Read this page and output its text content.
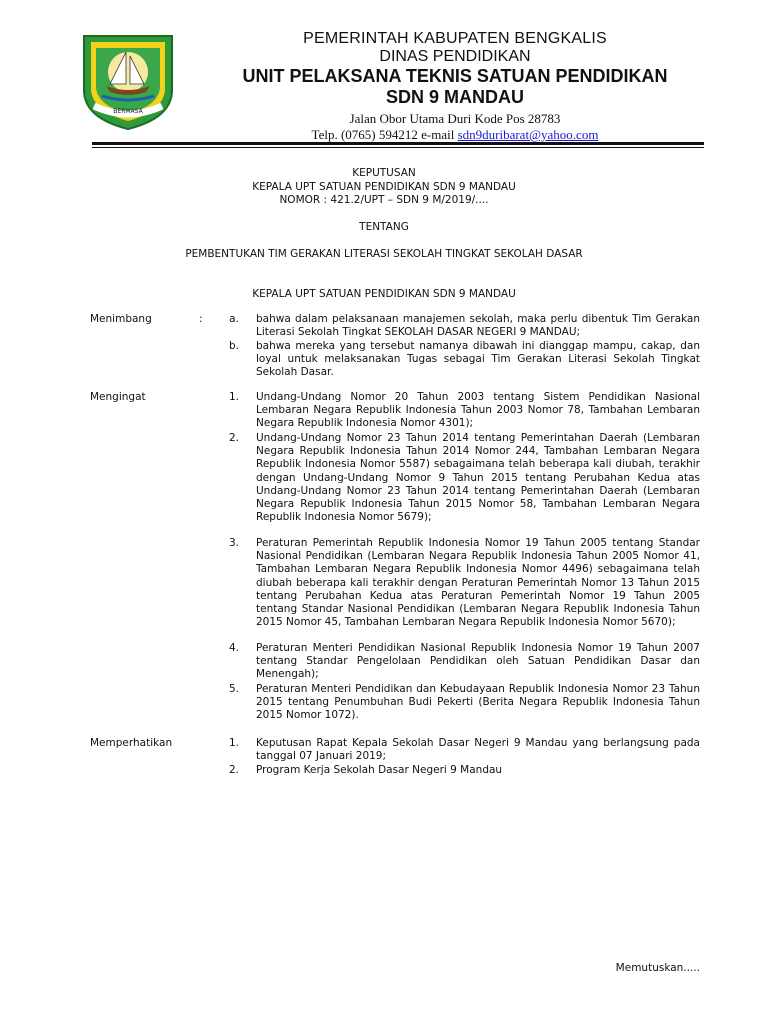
BERMASA
PEMERINTAH KABUPATEN BENGKALIS
DINAS PENDIDIKAN
UNIT PELAKSANA TEKNIS SATUAN PENDIDIKAN
SDN 9 MANDAU
Jalan Obor Utama Duri Kode Pos 28783
Telp. (0765) 594212 e-mail sdn9duribarat@yahoo.com
KEPUTUSAN
KEPALA UPT SATUAN PENDIDIKAN SDN 9 MANDAU
NOMOR : 421.2/UPT – SDN 9 M/2019/....
TENTANG
PEMBENTUKAN TIM GERAKAN LITERASI SEKOLAH TINGKAT SEKOLAH DASAR
KEPALA UPT SATUAN PENDIDIKAN SDN 9 MANDAU
Menimbang	:	a.	bahwa dalam pelaksanaan manajemen sekolah, maka perlu dibentuk Tim Gerakan Literasi Sekolah Tingkat SEKOLAH DASAR NEGERI 9 MANDAU;
b.	bahwa mereka yang tersebut namanya dibawah ini dianggap mampu, cakap, dan loyal untuk melaksanakan Tugas sebagai Tim Gerakan Literasi Sekolah Tingkat Sekolah Dasar.
Mengingat	1.	Undang-Undang Nomor 20 Tahun 2003 tentang Sistem Pendidikan Nasional Lembaran Negara Republik Indonesia Tahun 2003 Nomor 78, Tambahan Lembaran Negara Republik Indonesia Nomor 4301);
2.	Undang-Undang Nomor 23 Tahun 2014 tentang Pemerintahan Daerah (Lembaran Negara Republik Indonesia Tahun 2014 Nomor 244, Tambahan Lembaran Negara Republik Indonesia Nomor 5587) sebagaimana telah beberapa kali diubah, terakhir dengan Undang-Undang Nomor 9 Tahun 2015 tentang Perubahan Kedua atas Undang-Undang Nomor 23 Tahun 2014 tentang Pemerintahan Daerah (Lembaran Negara Republik Indonesia Tahun 2015 Nomor 58, Tambahan Lembaran Negara Republik Indonesia Nomor 5679);
3.	Peraturan Pemerintah Republik Indonesia Nomor 19 Tahun 2005 tentang Standar Nasional Pendidikan (Lembaran Negara Republik Indonesia Tahun 2005 Nomor 41, Tambahan Lembaran Negara Republik Indonesia Nomor 4496) sebagaimana telah diubah beberapa kali terakhir dengan Peraturan Pemerintah Nomor 13 Tahun 2015 tentang Perubahan Kedua atas Peraturan Pemerintah Nomor 19 Tahun 2005 tentang Standar Nasional Pendidikan (Lembaran Negara Republik Indonesia Tahun 2015 Nomor 45, Tambahan Lembaran Negara Republik Indonesia Nomor 5670);
4.	Peraturan Menteri Pendidikan Nasional Republik Indonesia Nomor 19 Tahun 2007 tentang Standar Pengelolaan Pendidikan oleh Satuan Pendidikan Dasar dan Menengah);
5.	Peraturan Menteri Pendidikan dan Kebudayaan Republik Indonesia Nomor 23 Tahun 2015 tentang Penumbuhan Budi Pekerti (Berita Negara Republik Indonesia Tahun 2015 Nomor 1072).
Memperhatikan	1.	Keputusan Rapat Kepala Sekolah Dasar Negeri 9 Mandau yang berlangsung pada tanggal 07 Januari 2019;
2.	Program Kerja Sekolah Dasar Negeri 9 Mandau
Memutuskan.....
